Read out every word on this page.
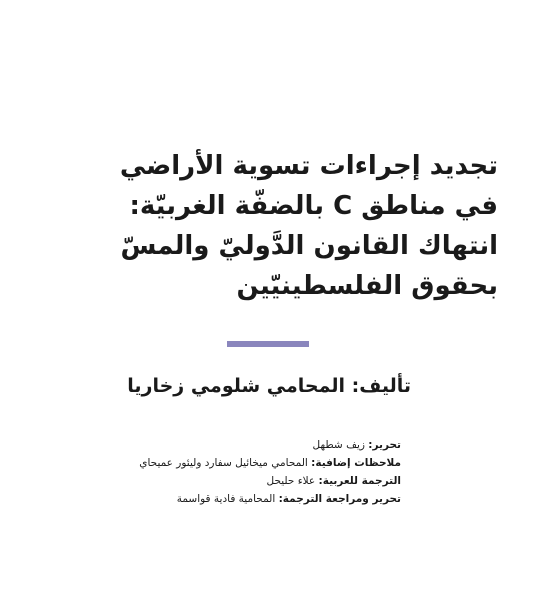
تجديد إجراءات تسوية الأراضي
في مناطق C بالضفّة الغربيّة:
انتهاك القانون الدَّوليّ والمسّ
بحقوق الفلسطينيّين
تأليف: المحامي شلومي زخاريا
تحرير: زيف شطهل
ملاحظات إضافية: المحامي ميخائيل سفارد وليئور عميحاي
الترجمة للعربية: علاء حليحل
تحرير ومراجعة الترجمة: المحامية فادية قواسمة
